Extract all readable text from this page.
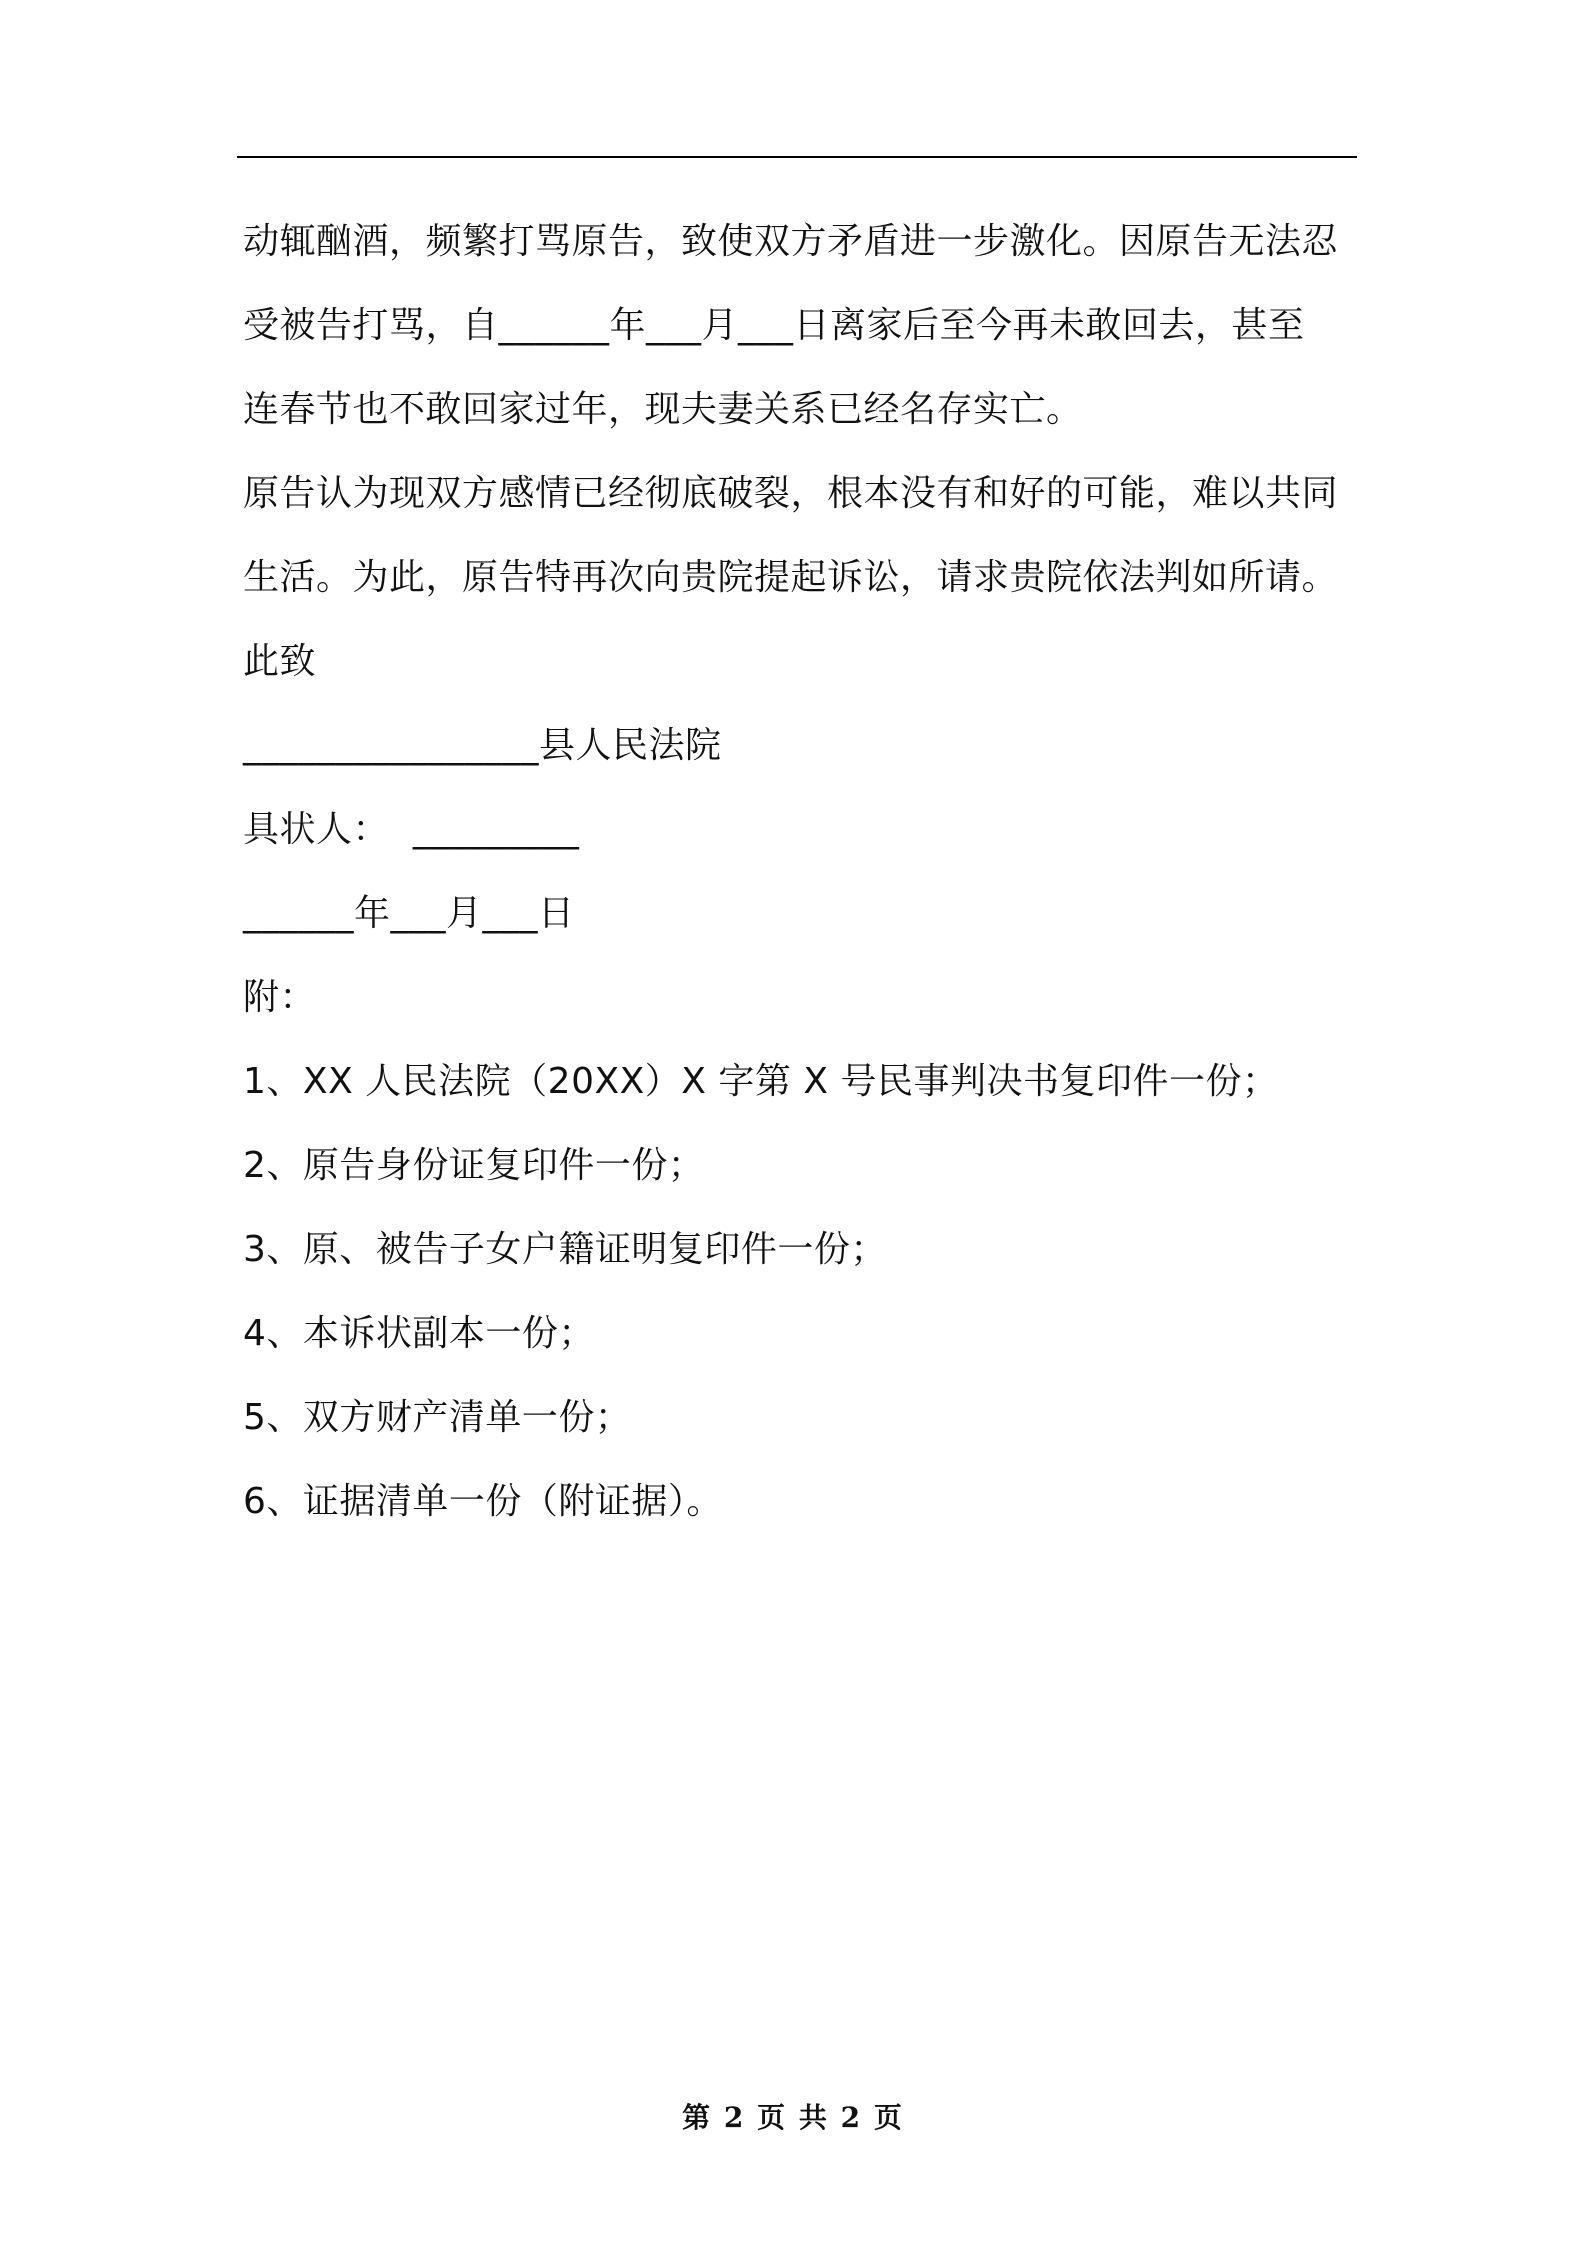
动辄酗酒，频繁打骂原告，致使双方矛盾进一步激化。因原告无法忍
受被告打骂，自______年___月___日离家后至今再未敢回去，甚至
连春节也不敢回家过年，现夫妻关系已经名存实亡。
原告认为现双方感情已经彻底破裂，根本没有和好的可能，难以共同
生活。为此，原告特再次向贵院提起诉讼，请求贵院依法判如所请。
此致
________________县人民法院
具状人：  _________
______年___月___日
附：
1、XX 人民法院（20XX）X 字第 X 号民事判决书复印件一份；
2、原告身份证复印件一份；
3、原、被告子女户籍证明复印件一份；
4、本诉状副本一份；
5、双方财产清单一份；
6、证据清单一份（附证据）。
第 2 页 共 2 页
